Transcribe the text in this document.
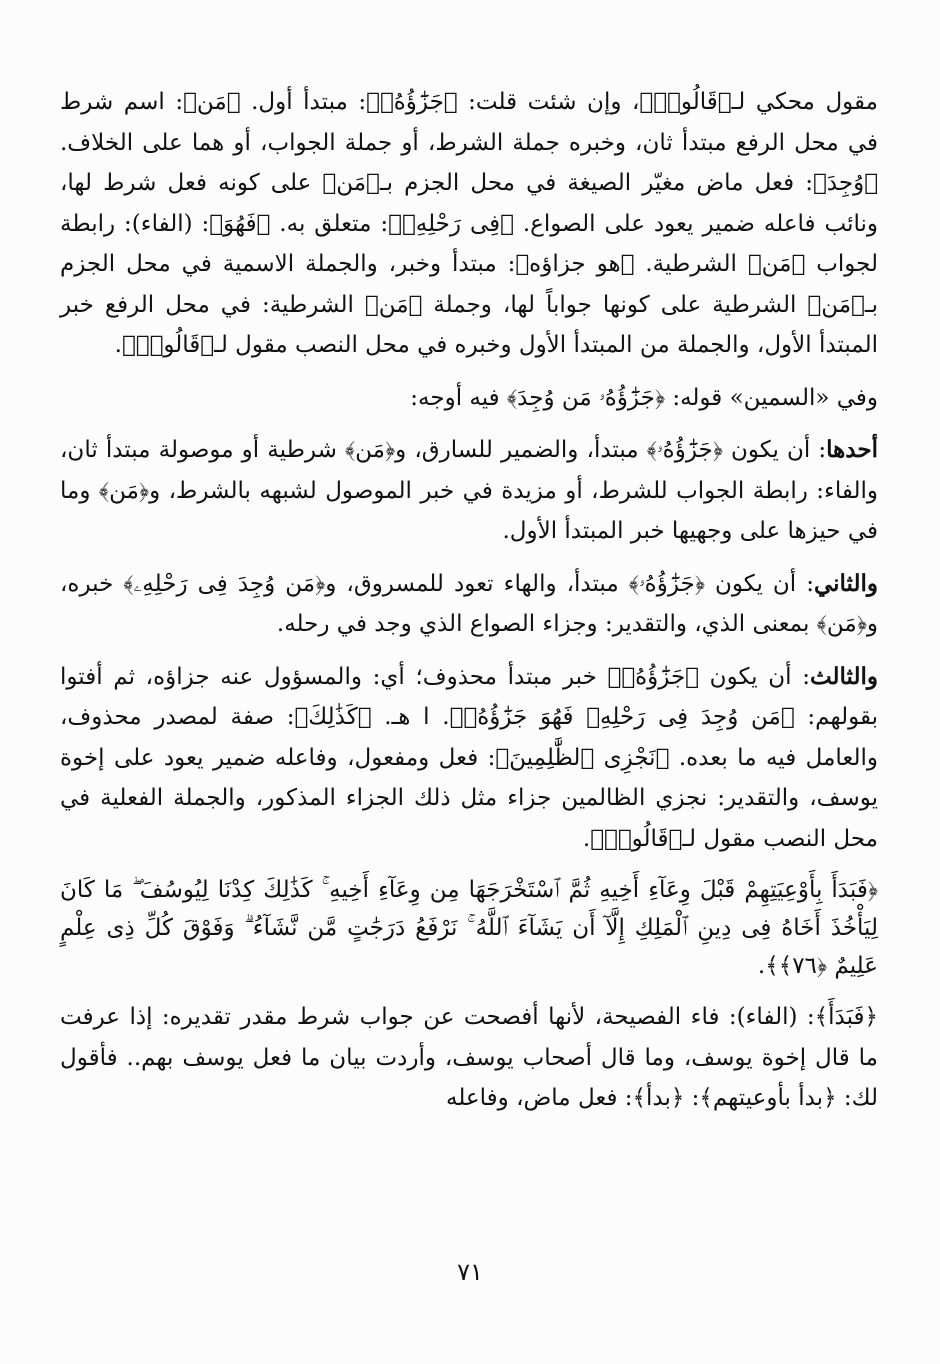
مقول محكي لـ﴿قَالُوا۟﴾، وإن شئت قلت: ﴿جَزَٰٓؤُهُۥ﴾: مبتدأ أول. ﴿مَن﴾: اسم شرط في محل الرفع مبتدأ ثان، وخبره جملة الشرط، أو جملة الجواب، أو هما على الخلاف. ﴿وُجِدَ﴾: فعل ماض مغيّر الصيغة في محل الجزم بـ﴿مَن﴾ على كونه فعل شرط لها، ونائب فاعله ضمير يعود على الصواع. ﴿فِى رَحْلِهِۦ﴾: متعلق به. ﴿فَهُوَ﴾: (الفاء): رابطة لجواب ﴿مَن﴾ الشرطية. ﴿هو جزاؤه﴾: مبتدأ وخبر، والجملة الاسمية في محل الجزم بـ﴿مَن﴾ الشرطية على كونها جواباً لها، وجملة ﴿مَن﴾ الشرطية: في محل الرفع خبر المبتدأ الأول، والجملة من المبتدأ الأول وخبره في محل النصب مقول لـ﴿قَالُوا۟﴾.

وفي «السمين» قوله: ﴿جَزَٰٓؤُهُۥ مَن وُجِدَ﴾ فيه أوجه:

أحدها: أن يكون ﴿جَزَٰٓؤُهُۥ﴾ مبتدأ، والضمير للسارق، و﴿مَن﴾ شرطية أو موصولة مبتدأ ثان، والفاء: رابطة الجواب للشرط، أو مزيدة في خبر الموصول لشبهه بالشرط، و﴿مَن﴾ وما في حيزها على وجهيها خبر المبتدأ الأول.

والثاني: أن يكون ﴿جَزَٰٓؤُهُۥ﴾ مبتدأ، والهاء تعود للمسروق، و﴿مَن وُجِدَ فِى رَحْلِهِۦ﴾ خبره، و﴿مَن﴾ بمعنى الذي، والتقدير: وجزاء الصواع الذي وجد في رحله.

والثالث: أن يكون ﴿جَزَٰٓؤُهُۥ﴾ خبر مبتدأ محذوف؛ أي: والمسؤول عنه جزاؤه، ثم أفتوا بقولهم: ﴿مَن وُجِدَ فِى رَحْلِهِۦ فَهُوَ جَزَٰٓؤُهُۥ﴾. ا هـ. ﴿كَذَٰلِكَ﴾: صفة لمصدر محذوف، والعامل فيه ما بعده. ﴿نَجْزِى ٱلظَّٰلِمِينَ﴾: فعل ومفعول، وفاعله ضمير يعود على إخوة يوسف، والتقدير: نجزي الظالمين جزاء مثل ذلك الجزاء المذكور، والجملة الفعلية في محل النصب مقول لـ﴿قَالُوا۟﴾.

﴿فَبَدَأَ بِأَوْعِيَتِهِمْ قَبْلَ وِعَآءِ أَخِيهِ ثُمَّ ٱسْتَخْرَجَهَا مِن وِعَآءِ أَخِيهِ ۚ كَذَٰلِكَ كِدْنَا لِيُوسُفَ ۖ مَا كَانَ لِيَأْخُذَ أَخَاهُ فِى دِينِ ٱلْمَلِكِ إِلَّآ أَن يَشَآءَ ٱللَّهُ ۚ نَرْفَعُ دَرَجَٰتٍ مَّن نَّشَآءُ ۗ وَفَوْقَ كُلِّ ذِى عِلْمٍ عَلِيمٌ ﴿٧٦﴾﴾.

﴿فَبَدَأَ﴾: (الفاء): فاء الفصيحة، لأنها أفصحت عن جواب شرط مقدر تقديره: إذا عرفت ما قال إخوة يوسف، وما قال أصحاب يوسف، وأردت بيان ما فعل يوسف بهم.. فأقول لك: ﴿بدأ بأوعيتهم﴾: ﴿بدأ﴾: فعل ماض، وفاعله

٧١
